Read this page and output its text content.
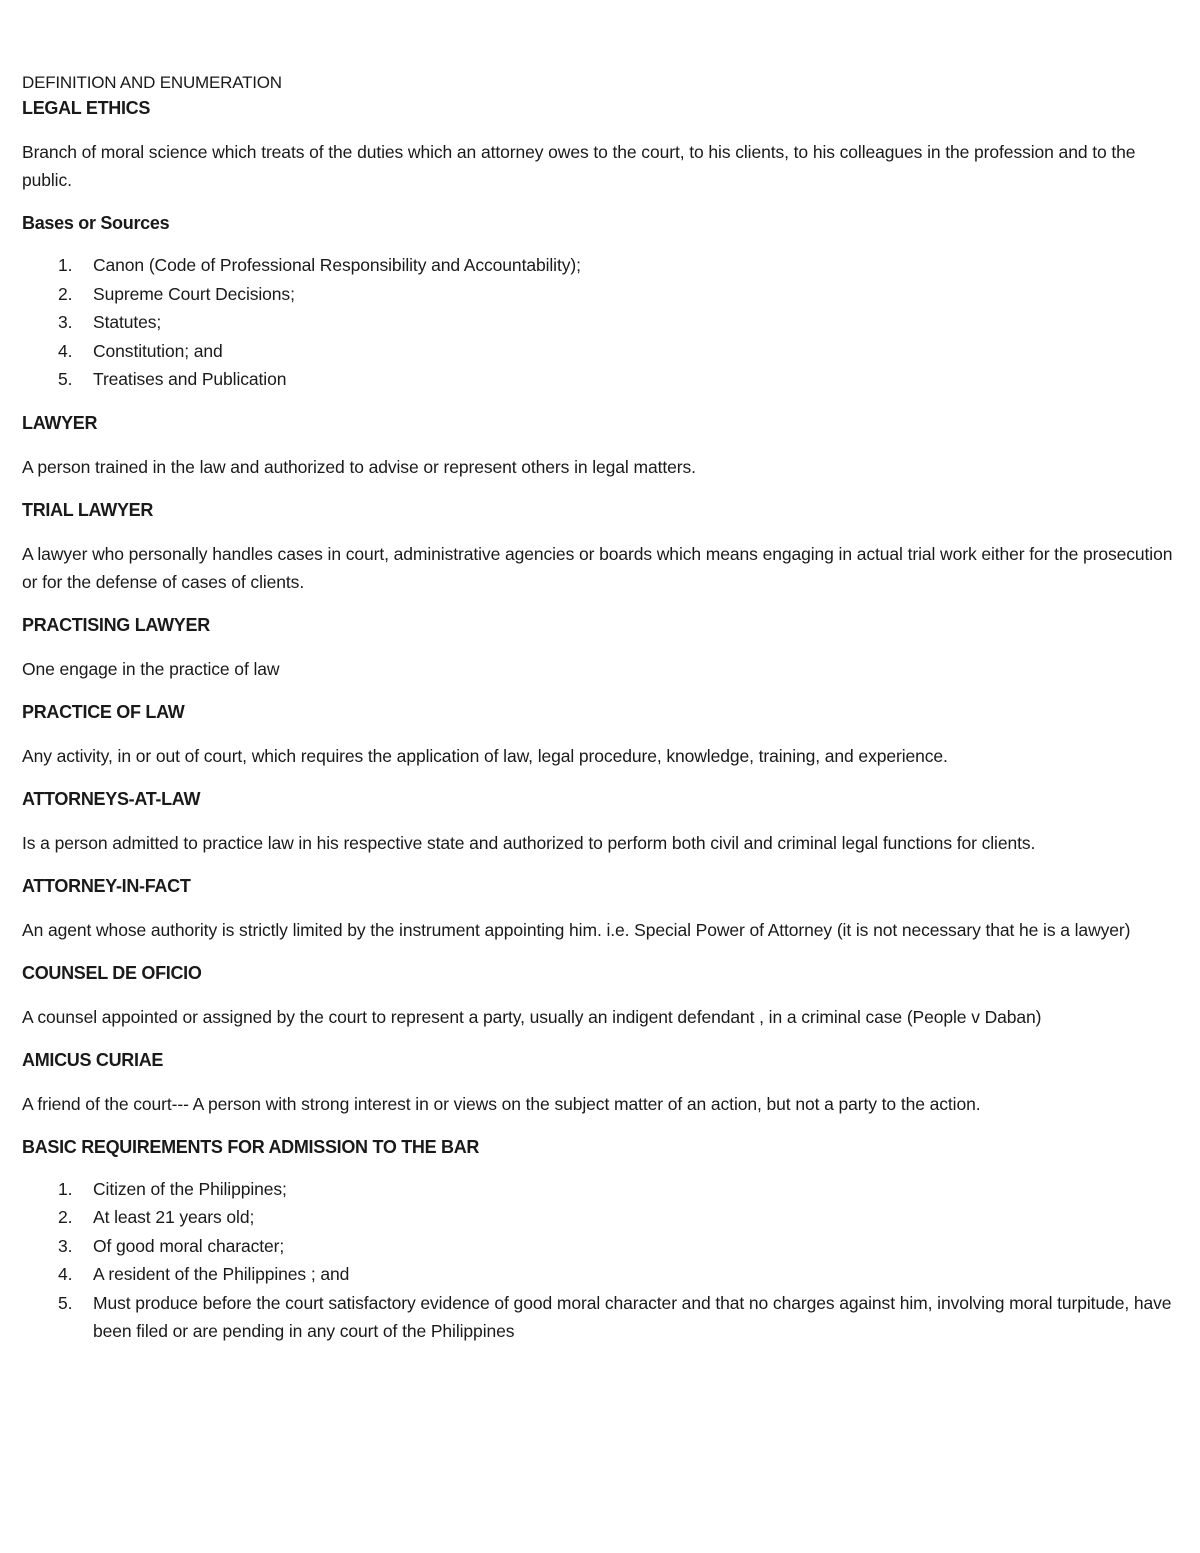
DEFINITION AND ENUMERATION

LEGAL ETHICS

Branch of moral science which treats of the duties which an attorney owes to the court, to his clients, to his colleagues in the profession and to the public.

Bases or Sources

1. Canon (Code of Professional Responsibility and Accountability);
2. Supreme Court Decisions;
3. Statutes;
4. Constitution; and
5. Treatises and Publication

LAWYER

A person trained in the law and authorized to advise or represent others in legal matters.

TRIAL LAWYER

A lawyer who personally handles cases in court, administrative agencies or boards which means engaging in actual trial work either for the prosecution or for the defense of cases of clients.

PRACTISING LAWYER

One engage in the practice of law

PRACTICE OF LAW

Any activity, in or out of court, which requires the application of law, legal procedure, knowledge, training, and experience.

ATTORNEYS-AT-LAW

Is a person admitted to practice law in his respective state and authorized to perform both civil and criminal legal functions for clients.

ATTORNEY-IN-FACT

An agent whose authority is strictly limited by the instrument appointing him. i.e. Special Power of Attorney (it is not necessary that he is a lawyer)

COUNSEL DE OFICIO

A counsel appointed or assigned by the court to represent a party, usually an indigent defendant , in a criminal case (People v Daban)

AMICUS CURIAE

A friend of the court--- A person with strong interest in or views on the subject matter of an action, but not a party to the action.

BASIC REQUIREMENTS FOR ADMISSION TO THE BAR

1. Citizen of the Philippines;
2. At least 21 years old;
3. Of good moral character;
4. A resident of the Philippines ; and
5. Must produce before the court satisfactory evidence of good moral character and that no charges against him, involving moral turpitude, have been filed or are pending in any court of the Philippines
